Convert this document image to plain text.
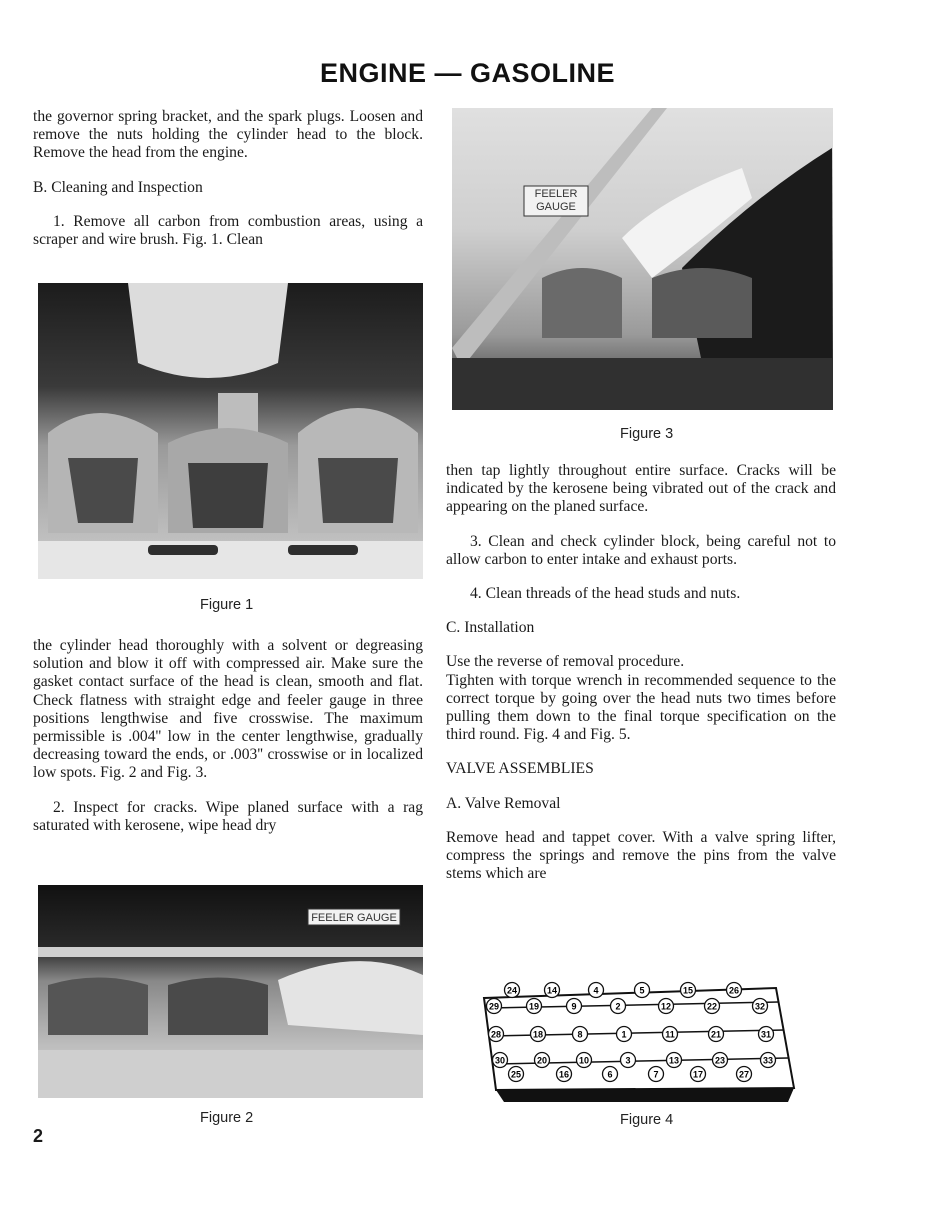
ENGINE — GASOLINE

the governor spring bracket, and the spark plugs. Loosen and remove the nuts holding the cylinder head to the block. Remove the head from the engine.

B. Cleaning and Inspection

1. Remove all carbon from combustion areas, using a scraper and wire brush. Fig. 1. Clean

Figure 1

the cylinder head thoroughly with a solvent or degreasing solution and blow it off with compressed air. Make sure the gasket contact surface of the head is clean, smooth and flat. Check flatness with straight edge and feeler gauge in three positions lengthwise and five crosswise. The maximum permissible is .004'' low in the center lengthwise, gradually decreasing toward the ends, or .003'' crosswise or in localized low spots. Fig. 2 and Fig. 3.

2. Inspect for cracks. Wipe planed surface with a rag saturated with kerosene, wipe head dry

FEELER GAUGE
Figure 2
2
FEELER
GAUGE
Figure 3

then tap lightly throughout entire surface. Cracks will be indicated by the kerosene being vibrated out of the crack and appearing on the planed surface.

3. Clean and check cylinder block, being careful not to allow carbon to enter intake and exhaust ports.

4. Clean threads of the head studs and nuts.

C. Installation

Use the reverse of removal procedure.

Tighten with torque wrench in recommended sequence to the correct torque by going over the head nuts two times before pulling them down to the final torque specification on the third round. Fig. 4 and Fig. 5.

VALVE ASSEMBLIES

A. Valve Removal

Remove head and tappet cover. With a valve spring lifter, compress the springs and remove the pins from the valve stems which are

24	14	4	5	15	26
29	19	9	2	12	22	32
28	18	8	1	11	21	31
30	20	10	3	13	23	33
25	16	6	7	17	27
Figure 4
